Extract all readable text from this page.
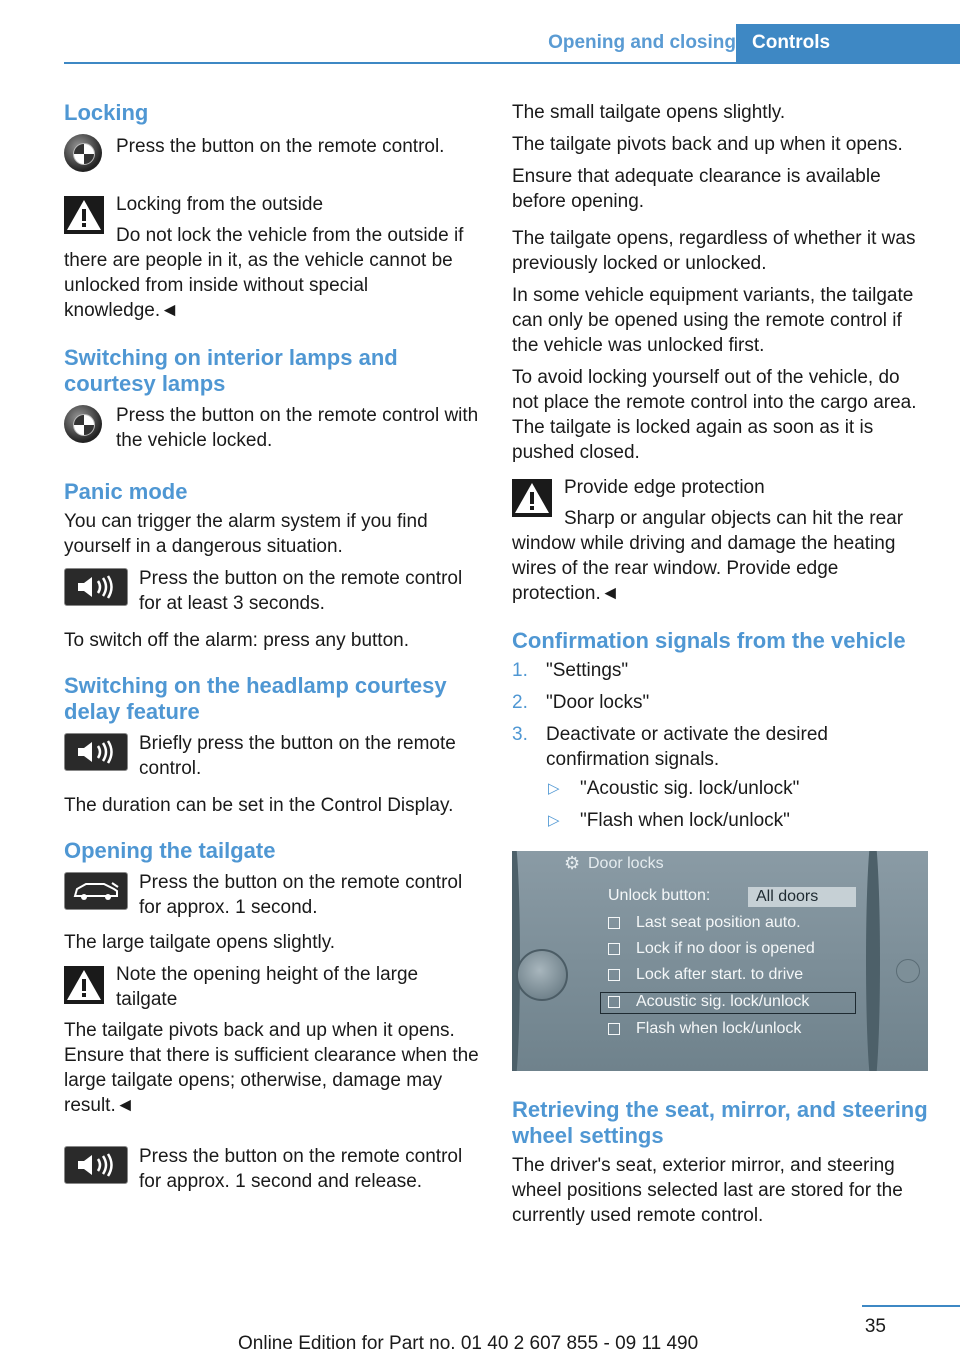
Opening and closing Controls
Locking
Press the button on the remote control.
Locking from the outside
Do not lock the vehicle from the outside if there are people in it, as the vehicle cannot be unlocked from inside without special knowledge.◄
Switching on interior lamps and courtesy lamps
Press the button on the remote control with the vehicle locked.
Panic mode

You can trigger the alarm system if you find yourself in a dangerous situation.

Press the button on the remote control for at least 3 seconds.

To switch off the alarm: press any button.

Switching on the headlamp courtesy delay feature
Briefly press the button on the remote control.

The duration can be set in the Control Display.

Opening the tailgate
Press the button on the remote control for approx. 1 second.

The large tailgate opens slightly.

Note the opening height of the large tailgate
The tailgate pivots back and up when it opens. Ensure that there is sufficient clearance when the large tailgate opens; otherwise, damage may result.◄
Press the button on the remote control for approx. 1 second and release.

The small tailgate opens slightly.

The tailgate pivots back and up when it opens.

Ensure that adequate clearance is available before opening.

The tailgate opens, regardless of whether it was previously locked or unlocked.

In some vehicle equipment variants, the tailgate can only be opened using the remote control if the vehicle was unlocked first.

To avoid locking yourself out of the vehicle, do not place the remote control into the cargo area. The tailgate is locked again as soon as it is pushed closed.

Provide edge protection
Sharp or angular objects can hit the rear window while driving and damage the heating wires of the rear window. Provide edge protection.◄
Confirmation signals from the vehicle
1. "Settings"
2. "Door locks"
3. Deactivate or activate the desired confirmation signals.
▷ "Acoustic sig. lock/unlock"
▷ "Flash when lock/unlock"
⚙ Door locks
Unlock button:	All doors
Last seat position auto.
Lock if no door is opened
Lock after start. to drive
Acoustic sig. lock/unlock
Flash when lock/unlock
Retrieving the seat, mirror, and steering wheel settings

The driver's seat, exterior mirror, and steering wheel positions selected last are stored for the currently used remote control.

35
Online Edition for Part no. 01 40 2 607 855 - 09 11 490
